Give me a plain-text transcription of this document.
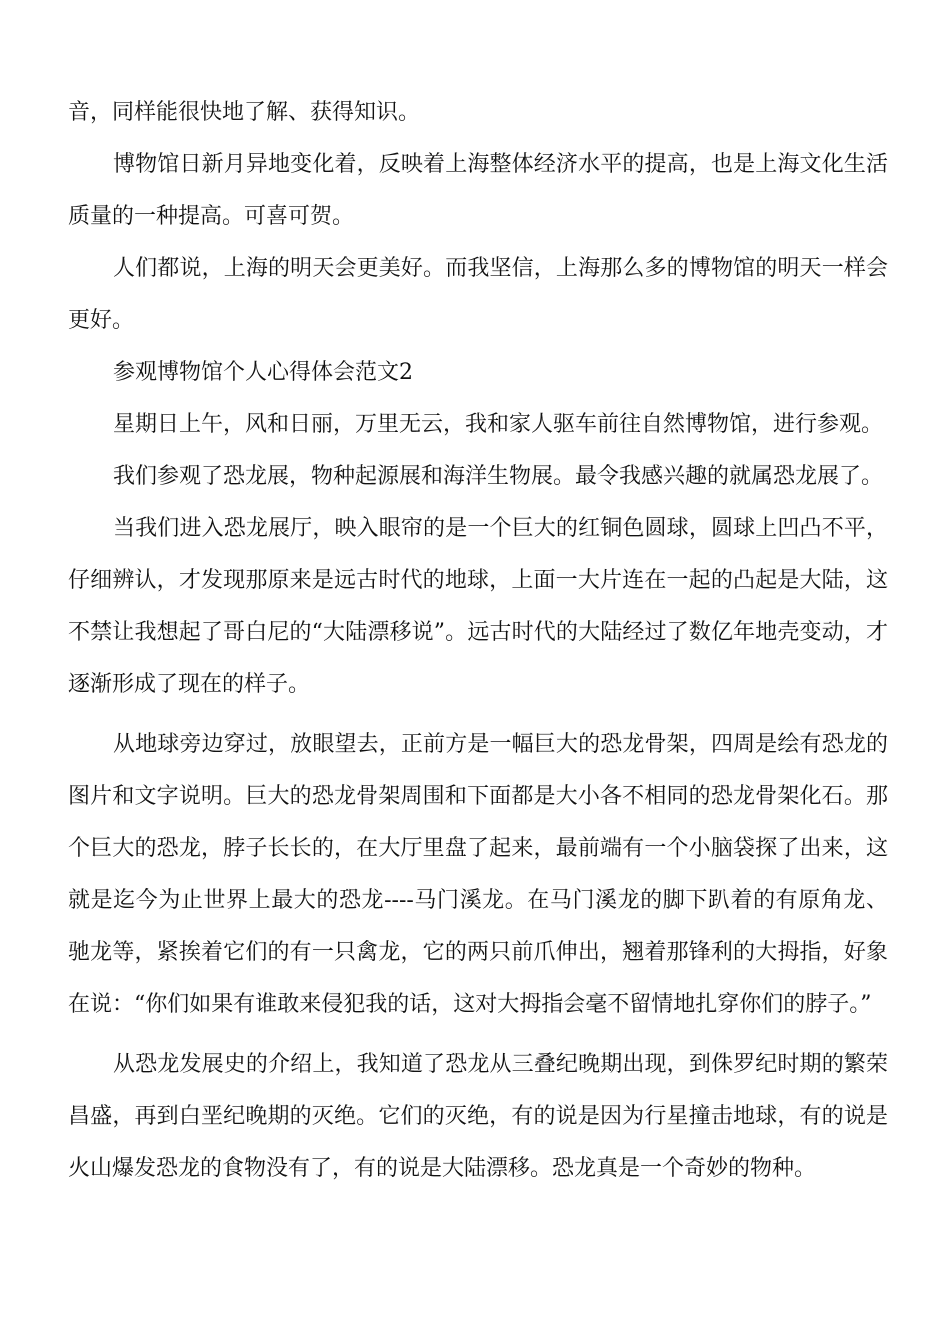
音，同样能很快地了解、获得知识。

博物馆日新月异地变化着，反映着上海整体经济水平的提高，也是上海文化生活质量的一种提高。可喜可贺。

人们都说，上海的明天会更美好。而我坚信，上海那么多的博物馆的明天一样会更好。

参观博物馆个人心得体会范文2

星期日上午，风和日丽，万里无云，我和家人驱车前往自然博物馆，进行参观。

我们参观了恐龙展，物种起源展和海洋生物展。最令我感兴趣的就属恐龙展了。

当我们进入恐龙展厅，映入眼帘的是一个巨大的红铜色圆球，圆球上凹凸不平，仔细辨认，才发现那原来是远古时代的地球，上面一大片连在一起的凸起是大陆，这不禁让我想起了哥白尼的“大陆漂移说”。远古时代的大陆经过了数亿年地壳变动，才逐渐形成了现在的样子。

从地球旁边穿过，放眼望去，正前方是一幅巨大的恐龙骨架，四周是绘有恐龙的图片和文字说明。巨大的恐龙骨架周围和下面都是大小各不相同的恐龙骨架化石。那个巨大的恐龙，脖子长长的，在大厅里盘了起来，最前端有一个小脑袋探了出来，这就是迄今为止世界上最大的恐龙----马门溪龙。在马门溪龙的脚下趴着的有原角龙、驰龙等，紧挨着它们的有一只禽龙，它的两只前爪伸出，翘着那锋利的大拇指，好象在说：“你们如果有谁敢来侵犯我的话，这对大拇指会毫不留情地扎穿你们的脖子。”

从恐龙发展史的介绍上，我知道了恐龙从三叠纪晚期出现，到侏罗纪时期的繁荣昌盛，再到白垩纪晚期的灭绝。它们的灭绝，有的说是因为行星撞击地球，有的说是火山爆发恐龙的食物没有了，有的说是大陆漂移。恐龙真是一个奇妙的物种。
